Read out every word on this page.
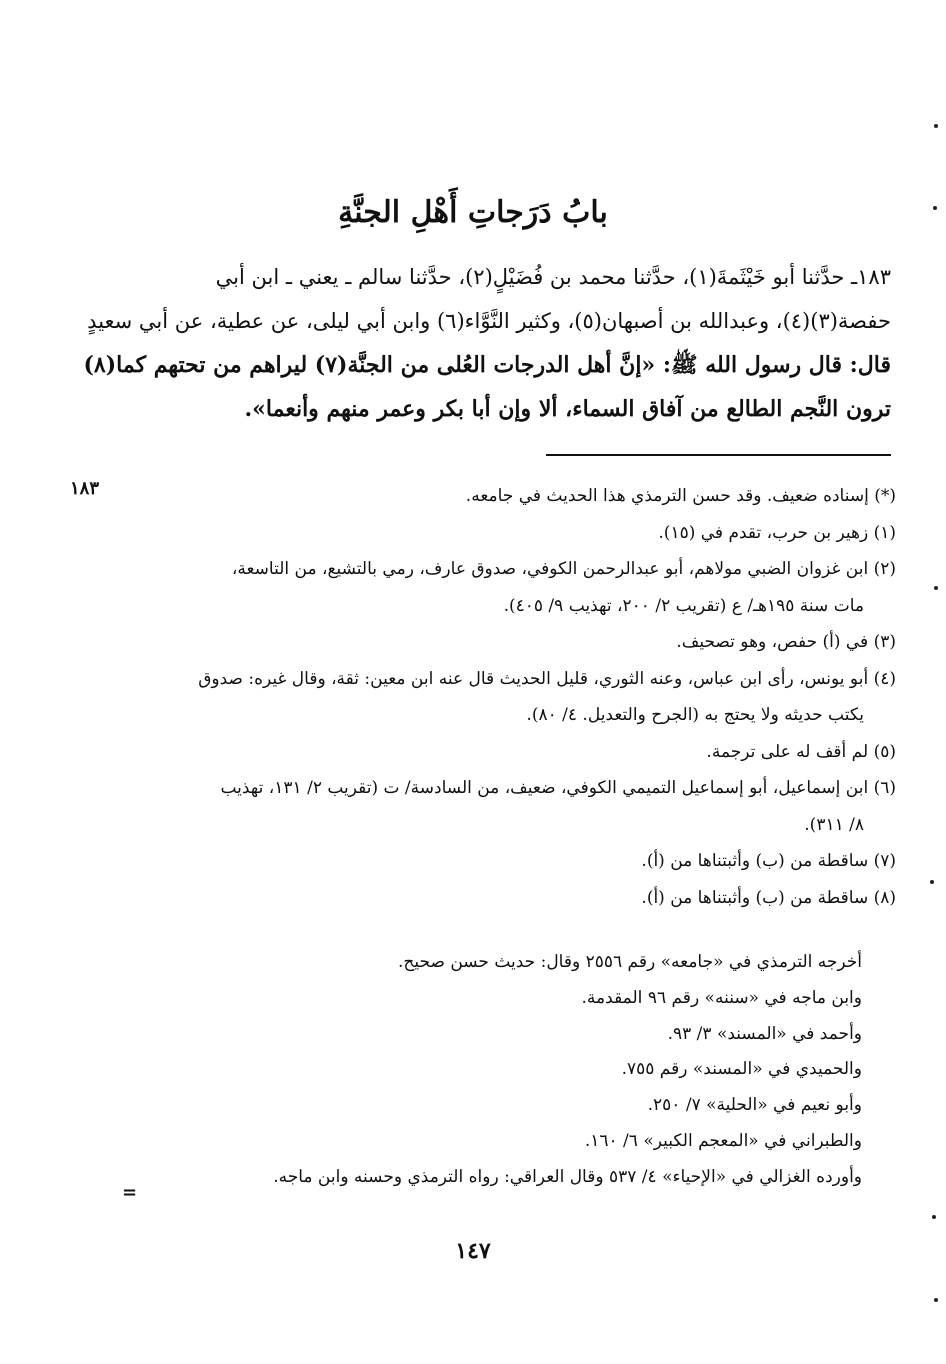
بابُ دَرَجاتِ أَهْلِ الجنَّةِ
١٨٣ـ حدَّثنا أبو خَيْثَمةَ(١)، حدَّثنا محمد بن فُضَيْلٍ(٢)، حدَّثنا سالم ـ يعني ـ ابن أبي
حفصة(٣)(٤)، وعبدالله بن أصبهان(٥)، وكثير النَّوَّاء(٦) وابن أبي ليلى، عن عطية، عن أبي سعيدٍ
قال: قال رسول الله ﷺ: «إنَّ أهل الدرجات العُلى من الجنَّة(٧) ليراهم من تحتهم كما(٨)
ترون النَّجم الطالع من آفاق السماء، ألا وإن أبا بكر وعمر منهم وأنعما».
١٨٣	(*) إسناده ضعيف. وقد حسن الترمذي هذا الحديث في جامعه.
(١) زهير بن حرب، تقدم في (١٥).
(٢) ابن غزوان الضبي مولاهم، أبو عبدالرحمن الكوفي، صدوق عارف، رمي بالتشيع، من التاسعة،
مات سنة ١٩٥هـ/ ع (تقريب ٢/ ٢٠٠، تهذيب ٩/ ٤٠٥).
(٣) في (أ) حفص، وهو تصحيف.
(٤) أبو يونس، رأى ابن عباس، وعنه الثوري، قليل الحديث قال عنه ابن معين: ثقة، وقال غيره: صدوق
يكتب حديثه ولا يحتج به (الجرح والتعديل. ٤/ ٨٠).
(٥) لم أقف له على ترجمة.
(٦) ابن إسماعيل، أبو إسماعيل التميمي الكوفي، ضعيف، من السادسة/ ت (تقريب ٢/ ١٣١، تهذيب
٨/ ٣١١).
(٧) ساقطة من (ب) وأثبتناها من (أ).
(٨) ساقطة من (ب) وأثبتناها من (أ).
أخرجه الترمذي في «جامعه» رقم ٢٥٥٦ وقال: حديث حسن صحيح.
وابن ماجه في «سننه» رقم ٩٦ المقدمة.
وأحمد في «المسند» ٣/ ٩٣.
والحميدي في «المسند» رقم ٧٥٥.
وأبو نعيم في «الحلية» ٧/ ٢٥٠.
والطبراني في «المعجم الكبير» ٦/ ١٦٠.
وأورده الغزالي في «الإحياء» ٤/ ٥٣٧ وقال العراقي: رواه الترمذي وحسنه وابن ماجه.
=
١٤٧
